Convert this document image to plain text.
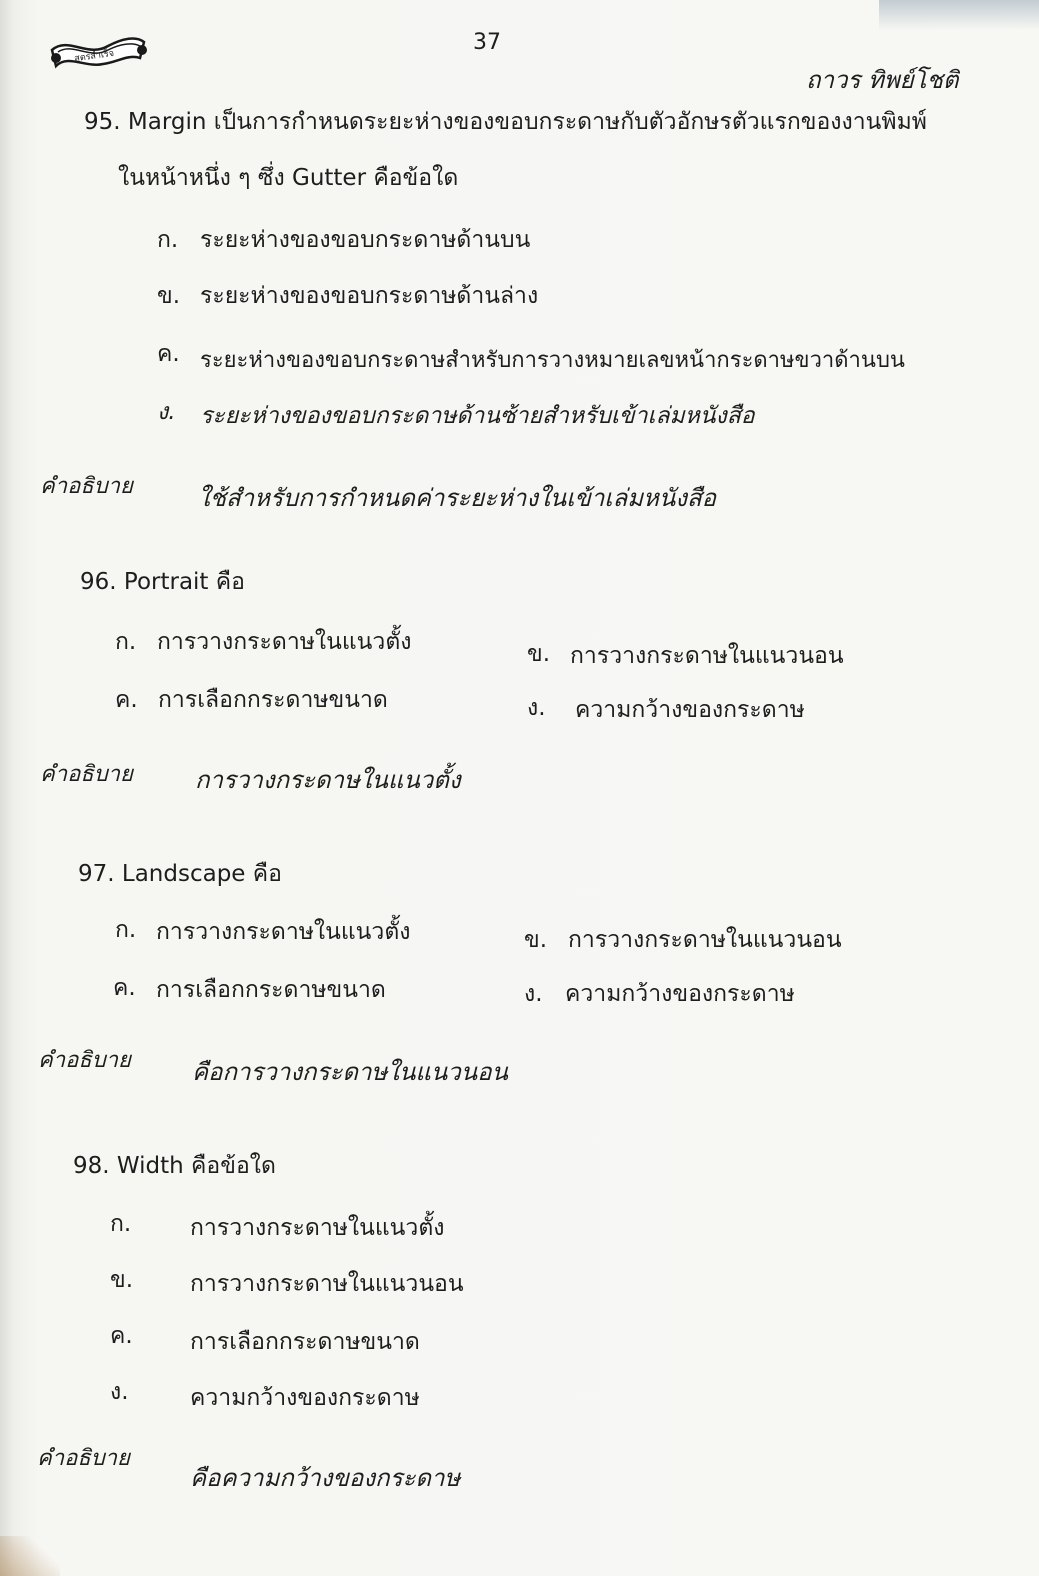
สูตรสำเร็จ
37
ถาวร ทิพย์โชติ
95. Margin เป็นการกำหนดระยะห่างของขอบกระดาษกับตัวอักษรตัวแรกของงานพิมพ์
ในหน้าหนึ่ง ๆ ซึ่ง Gutter คือข้อใด
ก. ระยะห่างของขอบกระดาษด้านบน
ข. ระยะห่างของขอบกระดาษด้านล่าง
ค. ระยะห่างของขอบกระดาษสำหรับการวางหมายเลขหน้ากระดาษขวาด้านบน
ง. ระยะห่างของขอบกระดาษด้านซ้ายสำหรับเข้าเล่มหนังสือ
คำอธิบาย	ใช้สำหรับการกำหนดค่าระยะห่างในเข้าเล่มหนังสือ
96. Portrait คือ
ก. การวางกระดาษในแนวตั้ง	ข. การวางกระดาษในแนวนอน
ค. การเลือกกระดาษขนาด	ง. ความกว้างของกระดาษ
คำอธิบาย	การวางกระดาษในแนวตั้ง
97. Landscape คือ
ก. การวางกระดาษในแนวตั้ง	ข. การวางกระดาษในแนวนอน
ค. การเลือกกระดาษขนาด	ง. ความกว้างของกระดาษ
คำอธิบาย	คือการวางกระดาษในแนวนอน
98. Width คือข้อใด
ก.	การวางกระดาษในแนวตั้ง
ข. การวางกระดาษในแนวนอน
ค. การเลือกกระดาษขนาด
ง.	ความกว้างของกระดาษ
คำอธิบาย
คือความกว้างของกระดาษ
